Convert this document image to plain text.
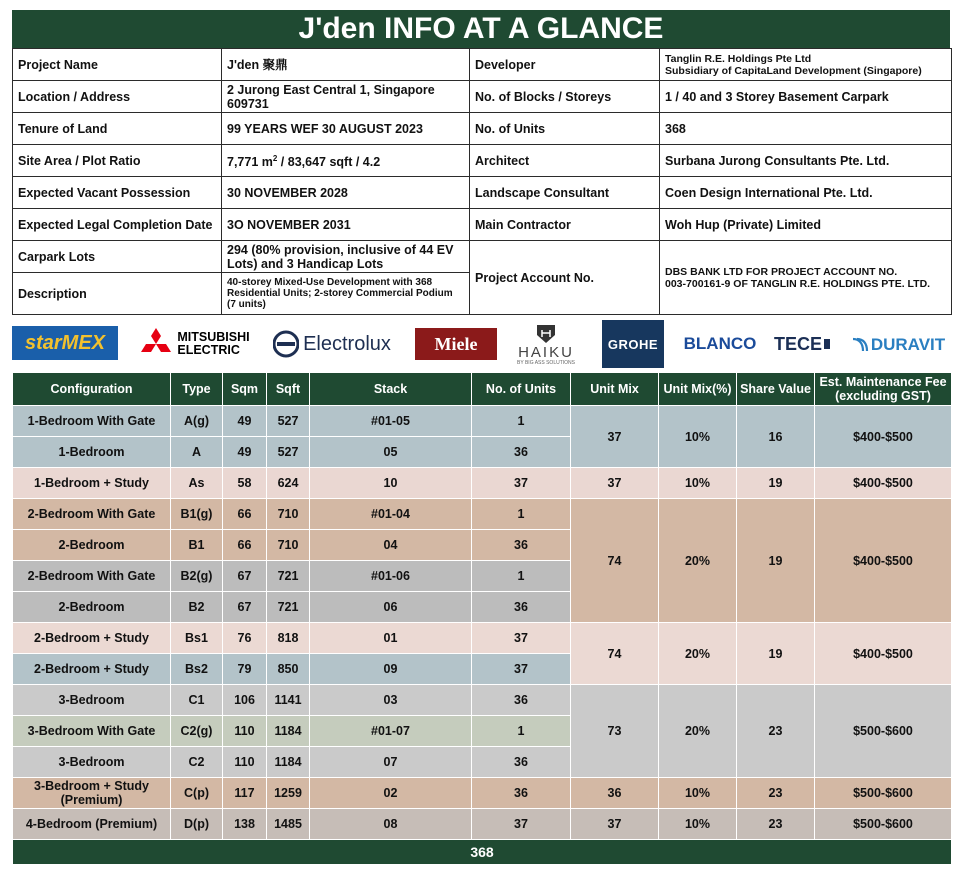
J'den INFO AT A GLANCE
Project Name	J'den 聚鼎	Developer	Tanglin R.E. Holdings Pte Ltd
Subsidiary of CapitaLand Development (Singapore)

Location / Address	2 Jurong East Central 1, Singapore 609731	No. of Blocks / Storeys	1 / 40 and 3 Storey Basement Carpark
Tenure of Land	99 YEARS WEF 30 AUGUST 2023	No. of Units	368
Site Area / Plot Ratio	7,771 $m^2 / 83,647$ sqft / 4.2	Architect	Surbana Jurong Consultants Pte. Ltd.
Expected Vacant Possession	30 NOVEMBER 2028	Landscape Consultant	Coen Design International Pte. Ltd.
Expected Legal Completion Date	3O NOVEMBER 2031	Main Contractor	Woh Hup (Private) Limited
Carpark Lots	294 (80% provision, inclusive of 44 EV Lots) and 3 Handicap Lots	Project Account No.	DBS BANK LTD FOR PROJECT ACCOUNT NO.
003-700161-9 OF TANGLIN R.E. HOLDINGS PTE. LTD.

Description	40-storey Mixed-Use Development with 368 Residential Units; 2-storey Commercial Podium (7 units)		
starMEX	MITSUBISHI
ELECTRIC	Electrolux Miele	HAIKU
BY BIG ASS SOLUTIONS
GROHE BLANCO TECE	DURAVIT
Configuration	Type	Sqm	Sqft	Stack	No. of Units	Unit Mix	Unit Mix(%)	Share Value	Est. Maintenance Fee
(excluding GST)

1-Bedroom With Gate	A(g)	49	527	#01-05	1	37	10%	16	$400-$500
1-Bedroom	A	49	527	05	36				
1-Bedroom + Study	As	58	624	10	37	37	10%	19	$400-$500
2-Bedroom With Gate	B1(g)	66	710	#01-04	1	74	20%	19	$400-$500
2-Bedroom	B1	66	710	04	36				
2-Bedroom With Gate	B2(g)	67	721	#01-06	1				
2-Bedroom	B2	67	721	06	36				
2-Bedroom + Study	Bs1	76	818	01	37	74	20%	19	$400-$500
2-Bedroom + Study	Bs2	79	850	09	37				
3-Bedroom	C1	106	1141	03	36	73	20%	23	$500-$600
3-Bedroom With Gate	C2(g)	110	1184	#01-07	1				
3-Bedroom	C2	110	1184	07	36				

3-Bedroom + Study
(Premium)	C(p)	117	1259	02	36	36	10%	23	$500-$600
4-Bedroom (Premium)	D(p)	138	1485	08	37	37	10%	23	$500-$600
368									
